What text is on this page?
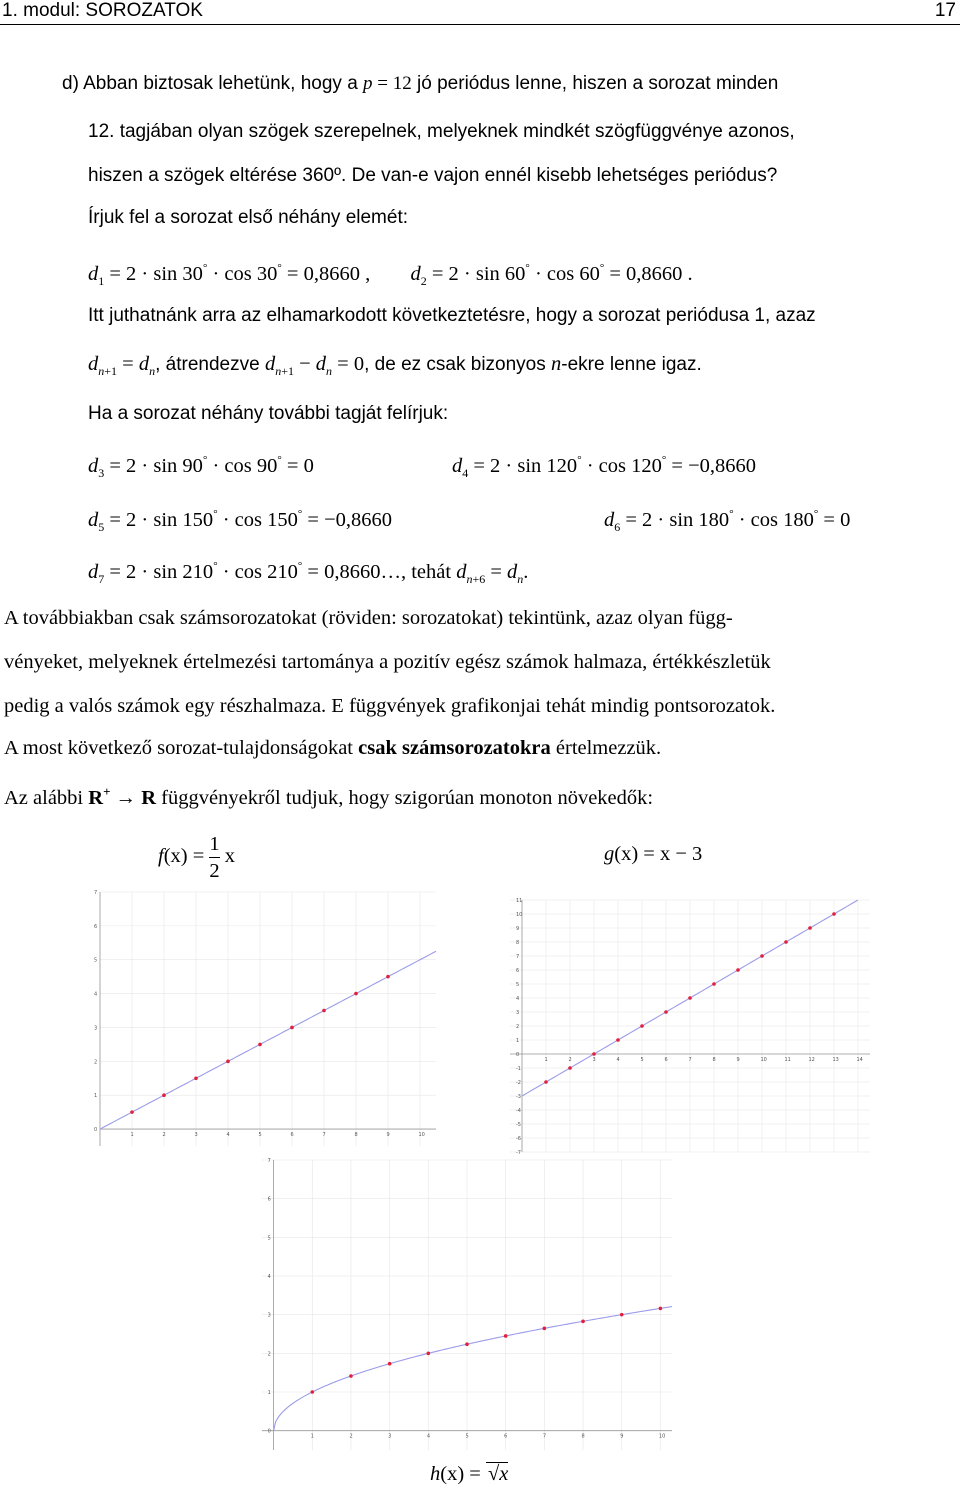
1. modul: SOROZATOK	17
d) Abban biztosak lehetünk, hogy a p = 12 jó periódus lenne, hiszen a sorozat minden
12. tagjában olyan szögek szerepelnek, melyeknek mindkét szögfüggvénye azonos,
hiszen a szögek eltérése 360º. De van-e vajon ennél kisebb lehetséges periódus?
Írjuk fel a sorozat első néhány elemét:
$d_1 = 2 \cdot \sin 30^\circ \cdot \cos 30^\circ = 0,8660$ , $d_2 = 2 \cdot \sin 60^\circ \cdot \cos 60^\circ = 0,8660$ .
Itt juthatnánk arra az elhamarkodott következtetésre, hogy a sorozat periódusa 1, azaz
$d_{n+1} = d_n$, átrendezve $d_{n+1} - d_n = 0$, de ez csak bizonyos n-ekre lenne igaz.
Ha a sorozat néhány további tagját felírjuk:
$d_3 = 2 \cdot \sin 90^\circ \cdot \cos 90^\circ = 0$	$d_4 = 2 \cdot \sin 120^\circ \cdot \cos 120^\circ = -0,8660$
$d_5 = 2 \cdot \sin 150^\circ \cdot \cos 150^\circ = -0,8660$	$d_6 = 2 \cdot \sin 180^\circ \cdot \cos 180^\circ = 0$
$d_7 = 2 \cdot \sin 210^\circ \cdot \cos 210^\circ$ = 0,8660…, tehát $d_{n+6} = d_n$.
A továbbiakban csak számsorozatokat (röviden: sorozatokat) tekintünk, azaz olyan függ-
vényeket, melyeknek értelmezési tartománya a pozitív egész számok halmaza, értékkészletük
pedig a valós számok egy részhalmaza. E függvények grafikonjai tehát mindig pontsorozatok.
A most következő sorozat-tulajdonságokat csak számsorozatokra értelmezzük.
Az alábbi R+ → R függvényekről tudjuk, hogy szigorúan monoton növekedők:
$f(x) = \frac{1}{2}$ x	g(x) = x − 3
1	2	3	4	5	6	7	8	9	10
0
1
2
3
4
5
6
7
1	2	3	4	5	6	7	8	9	10	11	12	13	14
-7
-6
-5
-4
-3
-2
-1
0
1
2
3
4
5
6
7
8
9
10
11
1	2	3	4	5	6	7	8	9	10
0
1
2
3
4
5
6
7
h(x) = √x
